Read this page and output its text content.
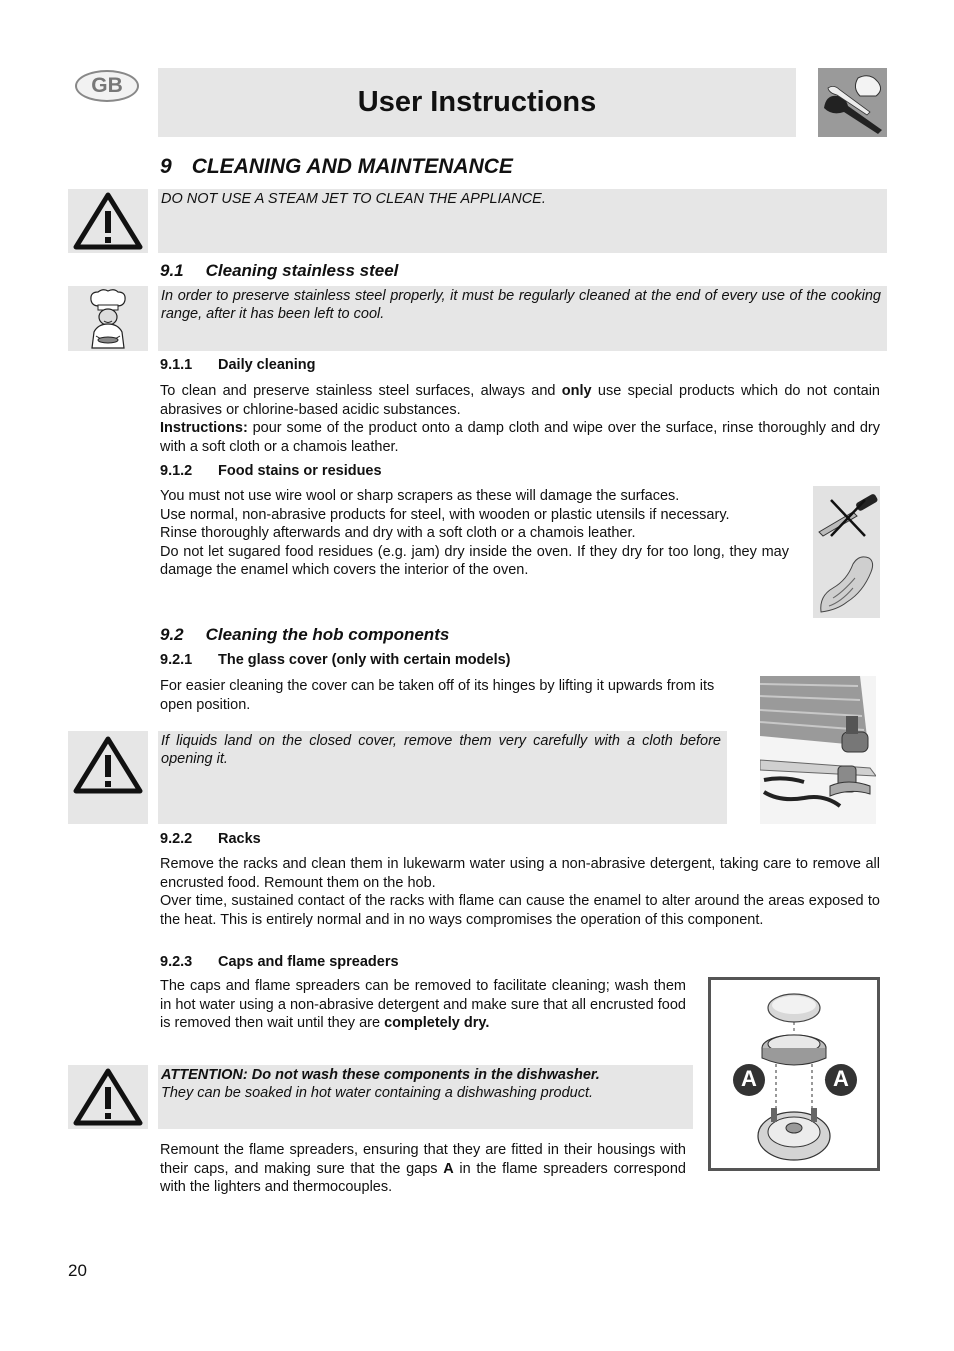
GB
User Instructions
9 CLEANING AND MAINTENANCE
DO NOT USE A STEAM JET TO CLEAN THE APPLIANCE.
9.1 Cleaning stainless steel
In order to preserve stainless steel properly, it must be regularly cleaned at the end of every use of the cooking range, after it has been left to cool.
9.1.1 Daily cleaning
To clean and preserve stainless steel surfaces, always and only use special products which do not contain abrasives or chlorine-based acidic substances.
Instructions: pour some of the product onto a damp cloth and wipe over the surface, rinse thoroughly and dry with a soft cloth or a chamois leather.
9.1.2 Food stains or residues
You must not use wire wool or sharp scrapers as these will damage the surfaces.
Use normal, non-abrasive products for steel, with wooden or plastic utensils if necessary.
Rinse thoroughly afterwards and dry with a soft cloth or a chamois leather.
Do not let sugared food residues (e.g. jam) dry inside the oven. If they dry for too long, they may damage the enamel which covers the interior of the oven.
9.2 Cleaning the hob components
9.2.1 The glass cover (only with certain models)
For easier cleaning the cover can be taken off of its hinges by lifting it upwards from its open position.
If liquids land on the closed cover, remove them very carefully with a cloth before opening it.
9.2.2 Racks
Remove the racks and clean them in lukewarm water using a non-abrasive detergent, taking care to remove all encrusted food. Remount them on the hob.
Over time, sustained contact of the racks with flame can cause the enamel to alter around the areas exposed to the heat. This is entirely normal and in no ways compromises the operation of this component.
9.2.3 Caps and flame spreaders
The caps and flame spreaders can be removed to facilitate cleaning; wash them in hot water using a non-abrasive detergent and make sure that all encrusted food is removed then wait until they are completely dry.
ATTENTION: Do not wash these components in the dishwasher.
They can be soaked in hot water containing a dishwashing product.
Remount the flame spreaders, ensuring that they are fitted in their housings with their caps, and making sure that the gaps A in the flame spreaders correspond with the lighters and thermocouples.
A	A
20
